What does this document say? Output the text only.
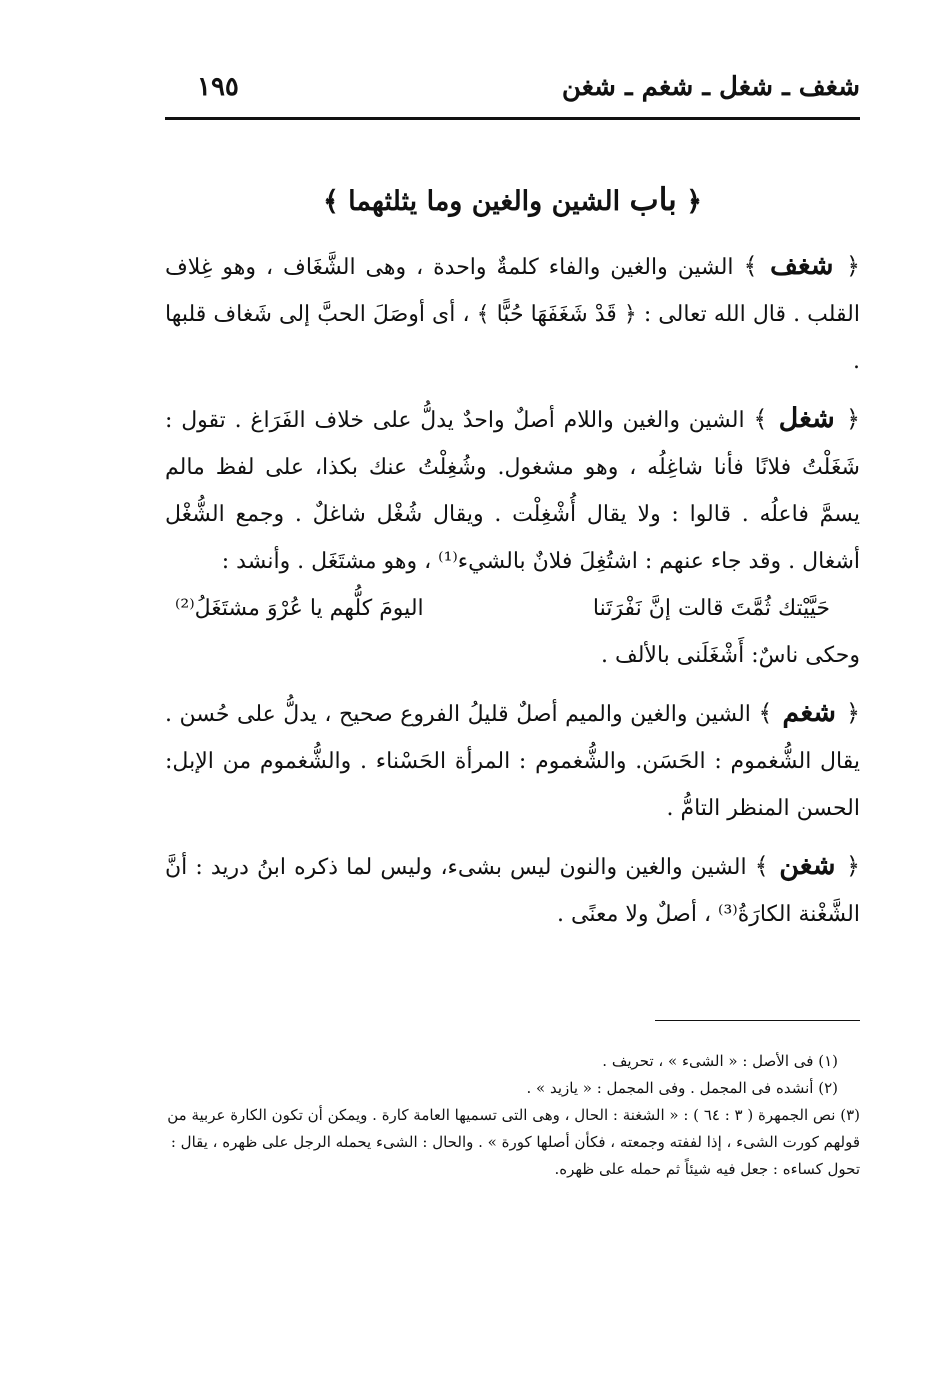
شغف ـ شغل ـ شغم ـ شغن
١٩٥
﴿ باب الشين والغين وما يثلثهما ﴾

﴿ شغف ﴾ الشين والغين والفاء كلمةٌ واحدة ، وهى الشَّغَاف ، وهو غِلاف القلب . قال الله تعالى : ﴿ قَدْ شَغَفَهَا حُبًّا ﴾ ، أى أوصَلَ الحبَّ إلى شَغاف قلبها .

﴿ شغل ﴾ الشين والغين واللام أصلٌ واحدٌ يدلُّ على خلاف الفَرَاغ . تقول : شَغَلْتُ فلانًا فأنا شاغِلُه ، وهو مشغول. وشُغِلْتُ عنك بكذا، على لفظ مالم يسمَّ فاعلُه . قالوا : ولا يقال أُشْغِلْت . ويقال شُغْل شاغلٌ . وجمع الشُّغْل أشغال . وقد جاء عنهم : اشتُغِلَ فلانٌ بالشيء⁽¹⁾ ، وهو مشتَغَل . وأنشد :

حَيَّيْتك ثُمَّتَ قالت إنَّ نَفْرَتَنا
اليومَ كلُّهم يا عُرْوَ مشتَغَلُ⁽²⁾

وحكى ناسٌ: أَشْغَلَنى بالألف .

﴿ شغم ﴾ الشين والغين والميم أصلٌ قليلُ الفروع صحيح ، يدلُّ على حُسن . يقال الشُّغموم : الحَسَن. والشُّغموم : المرأة الحَسْناء . والشُّغموم من الإبل: الحسن المنظر التامُّ .

﴿ شغن ﴾ الشين والغين والنون ليس بشىء، وليس لما ذكره ابنُ دريد : أنَّ الشَّغْنة الكارَةُ⁽³⁾ ، أصلٌ ولا معنًى .

(١) فى الأصل : « الشىء » ، تحريف .

(٢) أنشده فى المجمل . وفى المجمل : « يازيد » .

(٣) نص الجمهرة ( ٣ : ٦٤ ) : « الشغنة : الحال ، وهى التى تسميها العامة كارة . ويمكن أن تكون الكارة عربية من قولهم كورت الشىء ، إذا لففته وجمعته ، فكأن أصلها كورة » . والحال : الشىء يحمله الرجل على ظهره ، يقال : تحول كساءه : جعل فيه شيئاً ثم حمله على ظهره.
